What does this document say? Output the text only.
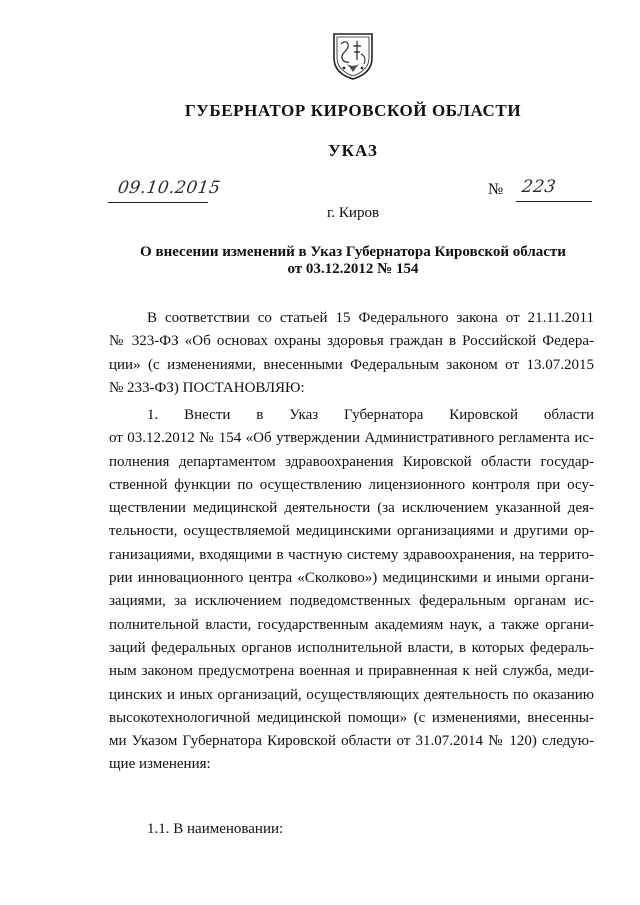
ГУБЕРНАТОР КИРОВСКОЙ ОБЛАСТИ
УКАЗ
09.10.2015	№ 223
г. Киров
О внесении изменений в Указ Губернатора Кировской области
от 03.12.2012 № 154
В соответствии со статьей 15 Федерального закона от 21.11.2011
№ 323-ФЗ «Об основах охраны здоровья граждан в Российской Федера-
ции» (с изменениями, внесенными Федеральным законом от 13.07.2015
№ 233-ФЗ) ПОСТАНОВЛЯЮ:
1. Внести в Указ Губернатора Кировской области
от 03.12.2012 № 154 «Об утверждении Административного регламента ис-
полнения департаментом здравоохранения Кировской области государ-
ственной функции по осуществлению лицензионного контроля при осу-
ществлении медицинской деятельности (за исключением указанной дея-
тельности, осуществляемой медицинскими организациями и другими ор-
ганизациями, входящими в частную систему здравоохранения, на террито-
рии инновационного центра «Сколково») медицинскими и иными органи-
зациями, за исключением подведомственных федеральным органам ис-
полнительной власти, государственным академиям наук, а также органи-
заций федеральных органов исполнительной власти, в которых федераль-
ным законом предусмотрена военная и приравненная к ней служба, меди-
цинских и иных организаций, осуществляющих деятельность по оказанию
высокотехнологичной медицинской помощи» (с изменениями, внесенны-
ми Указом Губернатора Кировской области от 31.07.2014 № 120) следую-
щие изменения:
1.1. В наименовании:
